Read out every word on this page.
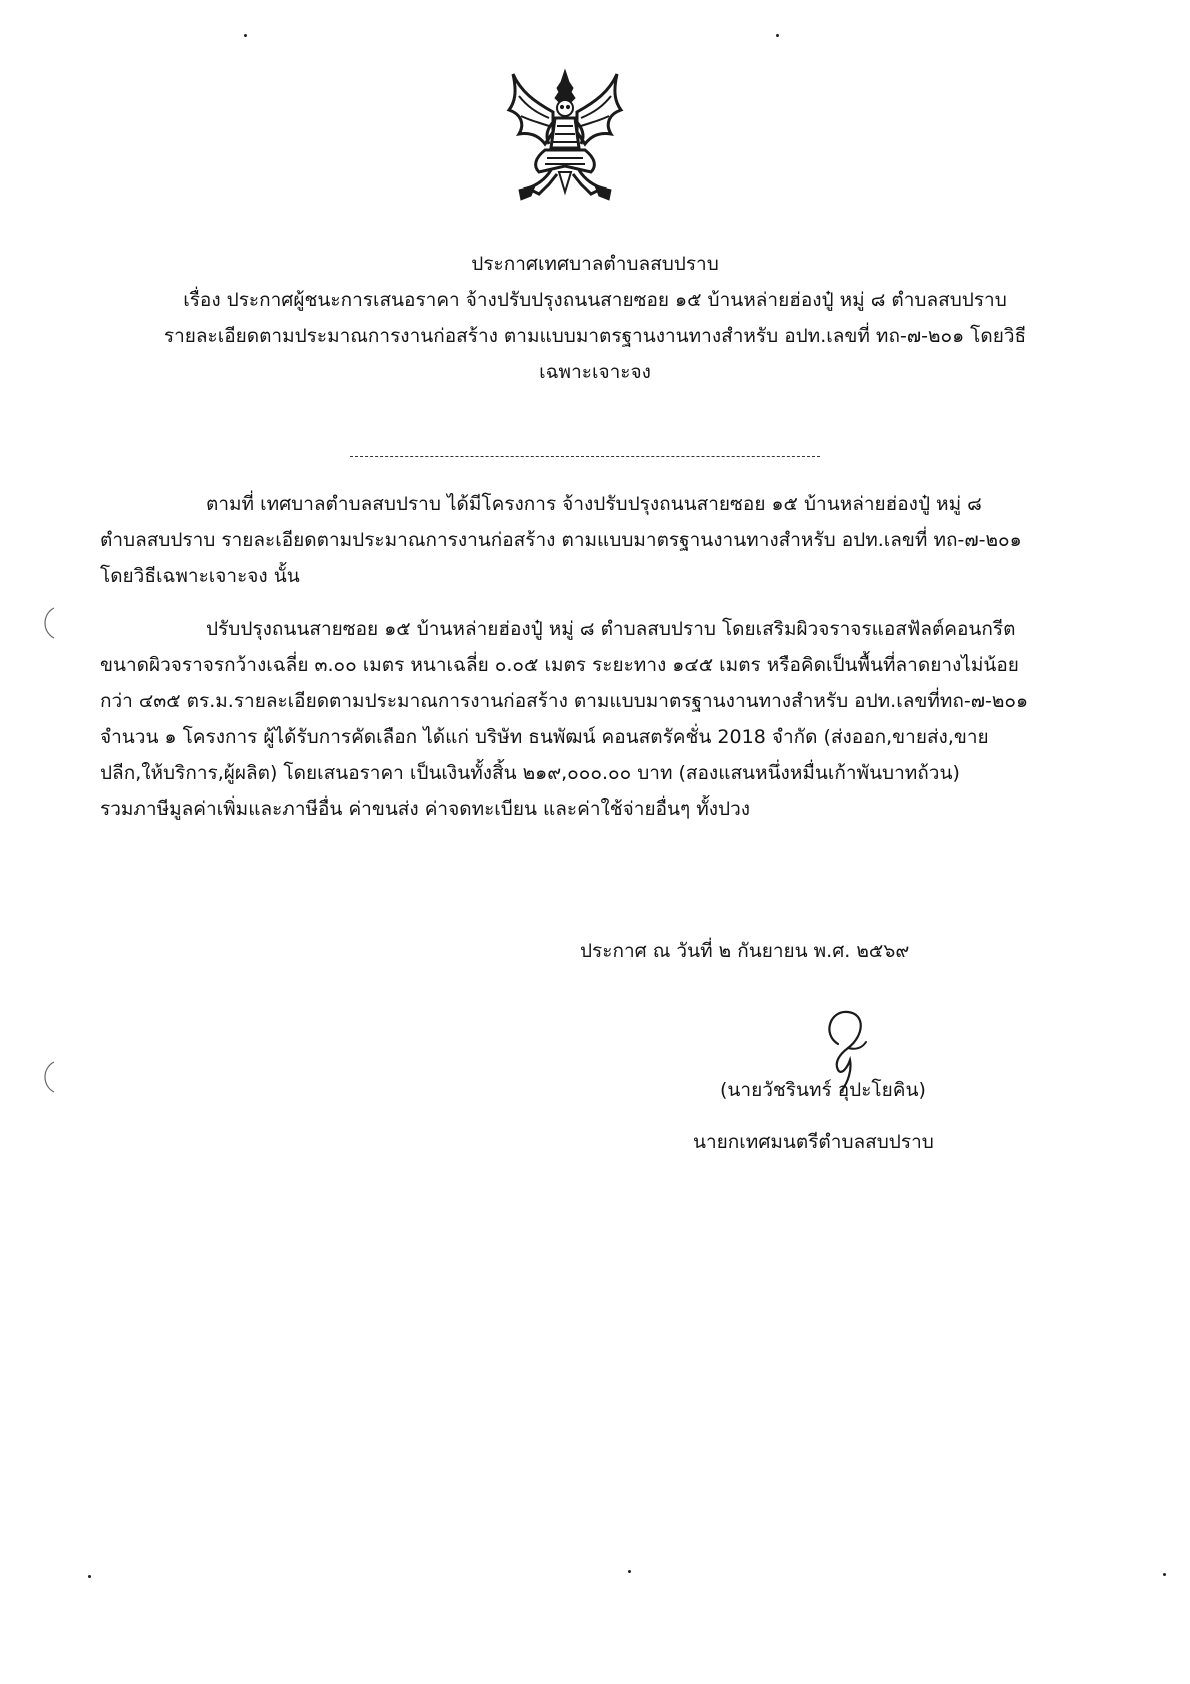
ประกาศเทศบาลตำบลสบปราบ
เรื่อง ประกาศผู้ชนะการเสนอราคา จ้างปรับปรุงถนนสายซอย ๑๕ บ้านหล่ายฮ่องปู๋ หมู่ ๘ ตำบลสบปราบ
รายละเอียดตามประมาณการงานก่อสร้าง ตามแบบมาตรฐานงานทางสำหรับ อปท.เลขที่ ทถ-๗-๒๐๑ โดยวิธี
เฉพาะเจาะจง
ตามที่ เทศบาลตำบลสบปราบ ได้มีโครงการ จ้างปรับปรุงถนนสายซอย ๑๕ บ้านหล่ายฮ่องปู๋ หมู่ ๘
ตำบลสบปราบ รายละเอียดตามประมาณการงานก่อสร้าง ตามแบบมาตรฐานงานทางสำหรับ อปท.เลขที่ ทถ-๗-๒๐๑
โดยวิธีเฉพาะเจาะจง นั้น
ปรับปรุงถนนสายซอย ๑๕ บ้านหล่ายฮ่องปู๋ หมู่ ๘ ตำบลสบปราบ โดยเสริมผิวจราจรแอสฟัลต์คอนกรีต
ขนาดผิวจราจรกว้างเฉลี่ย ๓.๐๐ เมตร หนาเฉลี่ย ๐.๐๕ เมตร ระยะทาง ๑๔๕ เมตร หรือคิดเป็นพื้นที่ลาดยางไม่น้อย
กว่า ๔๓๕ ตร.ม.รายละเอียดตามประมาณการงานก่อสร้าง ตามแบบมาตรฐานงานทางสำหรับ อปท.เลขที่ทถ-๗-๒๐๑
จำนวน ๑ โครงการ ผู้ได้รับการคัดเลือก ได้แก่ บริษัท ธนพัฒน์ คอนสตรัคชั่น 2018 จำกัด (ส่งออก,ขายส่ง,ขาย
ปลีก,ให้บริการ,ผู้ผลิต) โดยเสนอราคา เป็นเงินทั้งสิ้น ๒๑๙,๐๐๐.๐๐ บาท (สองแสนหนึ่งหมื่นเก้าพันบาทถ้วน)
รวมภาษีมูลค่าเพิ่มและภาษีอื่น ค่าขนส่ง ค่าจดทะเบียน และค่าใช้จ่ายอื่นๆ ทั้งปวง
ประกาศ ณ วันที่ ๒ กันยายน พ.ศ. ๒๕๖๙
(นายวัชรินทร์ อุปะโยคิน)
นายกเทศมนตรีตำบลสบปราบ
